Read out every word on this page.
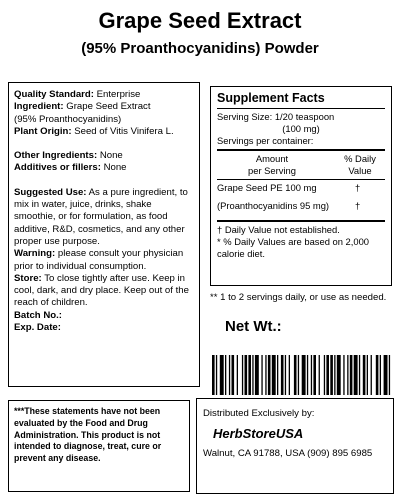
Grape Seed Extract
(95% Proanthocyanidins) Powder

Quality Standard: Enterprise

Ingredient: Grape Seed Extract

(95% Proanthocyanidins)

Plant Origin: Seed of Vitis Vinifera L.

Other Ingredients: None

Additives or fillers: None

Suggested Use: As a pure ingredient, to mix in water, juice, drinks, shake smoothie, or for formulation, as food additive, R&D, cosmetics, and any other proper use purpose.

Warning: please consult your physician prior to individual consumption.

Store: To close tightly after use. Keep in cool, dark, and dry place. Keep out of the reach of children.

Batch No.:

Exp. Date:

Supplement Facts
Serving Size: 1/20 teaspoon
(100 mg)
Servings per container:
Amount
per Serving
% Daily
Value
Grape Seed PE 100 mg	†
(Proanthocyanidins 95 mg)	†
† Daily Value not established.
* % Daily Values are based on 2,000 calorie diet.
** 1 to 2 servings daily, or use as needed.
Net Wt.:
***These statements have not been evaluated by the Food and Drug Administration. This product is not intended to diagnose, treat, cure or prevent any disease.
Distributed Exclusively by:
HerbStoreUSA
Walnut, CA 91788, USA (909) 895 6985
